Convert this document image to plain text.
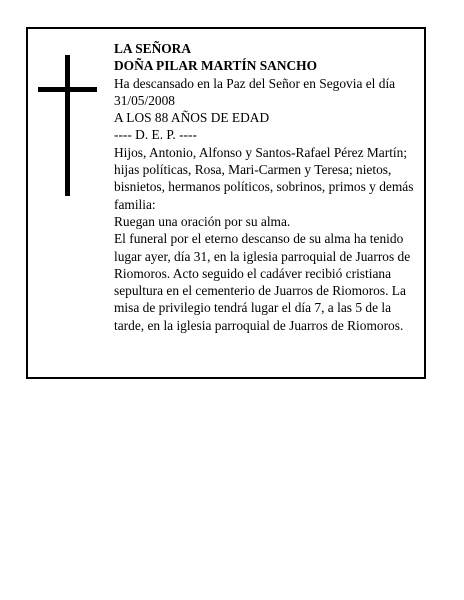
LA SEÑORA
DOÑA PILAR MARTÍN SANCHO
Ha descansado en la Paz del Señor en Segovia el día 31/05/2008
A LOS 88 AÑOS DE EDAD
---- D. E. P. ----
Hijos, Antonio, Alfonso y Santos-Rafael Pérez Martín; hijas políticas, Rosa, Mari-Carmen y Teresa; nietos, bisnietos, hermanos políticos, sobrinos, primos y demás familia:
Ruegan una oración por su alma.
El funeral por el eterno descanso de su alma ha tenido lugar ayer, día 31, en la iglesia parroquial de Juarros de Riomoros. Acto seguido el cadáver recibió cristiana sepultura en el cementerio de Juarros de Riomoros. La misa de privilegio tendrá lugar el día 7, a las 5 de la tarde, en la iglesia parroquial de Juarros de Riomoros.
